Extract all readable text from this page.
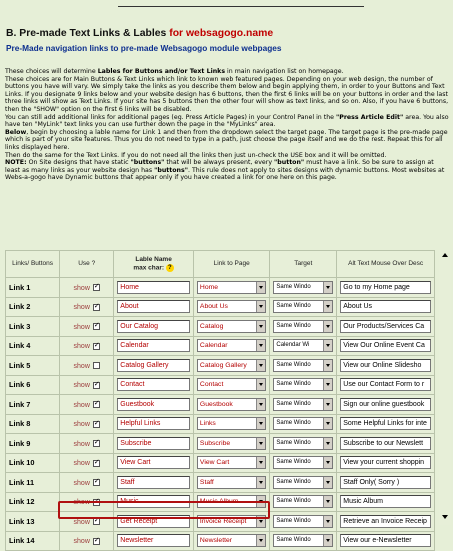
B. Pre-made Text Links & Lables for websagogo.name
Pre-Made navigation links to pre-made Websagogo module webpages
These choices will determine Lables for Buttons and/or Text Links in main navigation list on homepage.
These choices are for Main Buttons & Text Links which link to known web featured pages. Depending on your web design, the number of buttons you have will vary. We simply take the links as you describe them below and begin applying them, in order to your Buttons and Text Links. If you designate 9 links below and your website design has 6 buttons, then the first 6 links will be on your buttons in order and the last three links will show as Text Links. If your site has 5 buttons then the other four will show as text links, and so on. Also, if you have 6 buttons, then the "SHOW" option on the first 6 links will be disabled.
You can still add additional links for additional pages (eg. Press Article Pages) in your Control Panel in the "Press Article Edit" area. You also have ten "MyLink" text links you can use further down the page in the "MyLinks" area.
Below, begin by choosing a lable name for Link 1 and then from the dropdown select the target page. The target page is the pre-made page which is part of your site features. Thus you do not need to type in a path, just choose the page itself and we do the rest. Repeat this for all links displayed here.
Then do the same for the Text Links. If you do not need all the links then just un-check the USE box and it will be omitted.
NOTE: On Site designs that have static "buttons" that will be always present, every "button" must have a link. So be sure to assign at least as many links as your website design has "buttons". This rule does not apply to sites designs with dynamic buttons. Most websites at Webs-a-gogo have Dynamic buttons that appear only if you have created a link for one here on this page.
Links/ Buttons	Use ?	Lable Name
max char: ?	Link to Page	Target	Alt Text Mouse Over Desc
Link 1	show✓	Home	Home	Same Windo	Go to my Home page

Link 2	show✓	About	About Us	Same Windo	About Us

Link 3	show✓	Our Catalog	Catalog	Same Windo	Our Products/Services Ca

Link 4	show✓	Calendar	Calendar	Calendar Wi	View Our Online Event Ca

Link 5	show	Catalog Gallery	Catalog Gallery	Same Windo	View our Online Slidesho

Link 6	show✓	Contact	Contact	Same Windo	Use our Contact Form to r

Link 7	show✓	Guestbook	Guestbook	Same Windo	Sign our online guestbook

Link 8	show✓	Helpful Links	Links	Same Windo	Some Helpful Links for inte

Link 9	show✓	Subscribe	Subscribe	Same Windo	Subscribe to our Newslett

Link 10	show✓	View Cart	View Cart	Same Windo	View your current shoppin

Link 11	show✓	Staff	Staff	Same Windo	Staff Only( Sorry )

Link 12	show✓	Music	Music Album	Same Windo	Music Album

Link 13	show✓	Get Receipt	Invoice Receipt	Same Windo	Retrieve an Invoice Receip

Link 14	show✓	Newsletter	Newsletter	Same Windo	View our e-Newsletter
